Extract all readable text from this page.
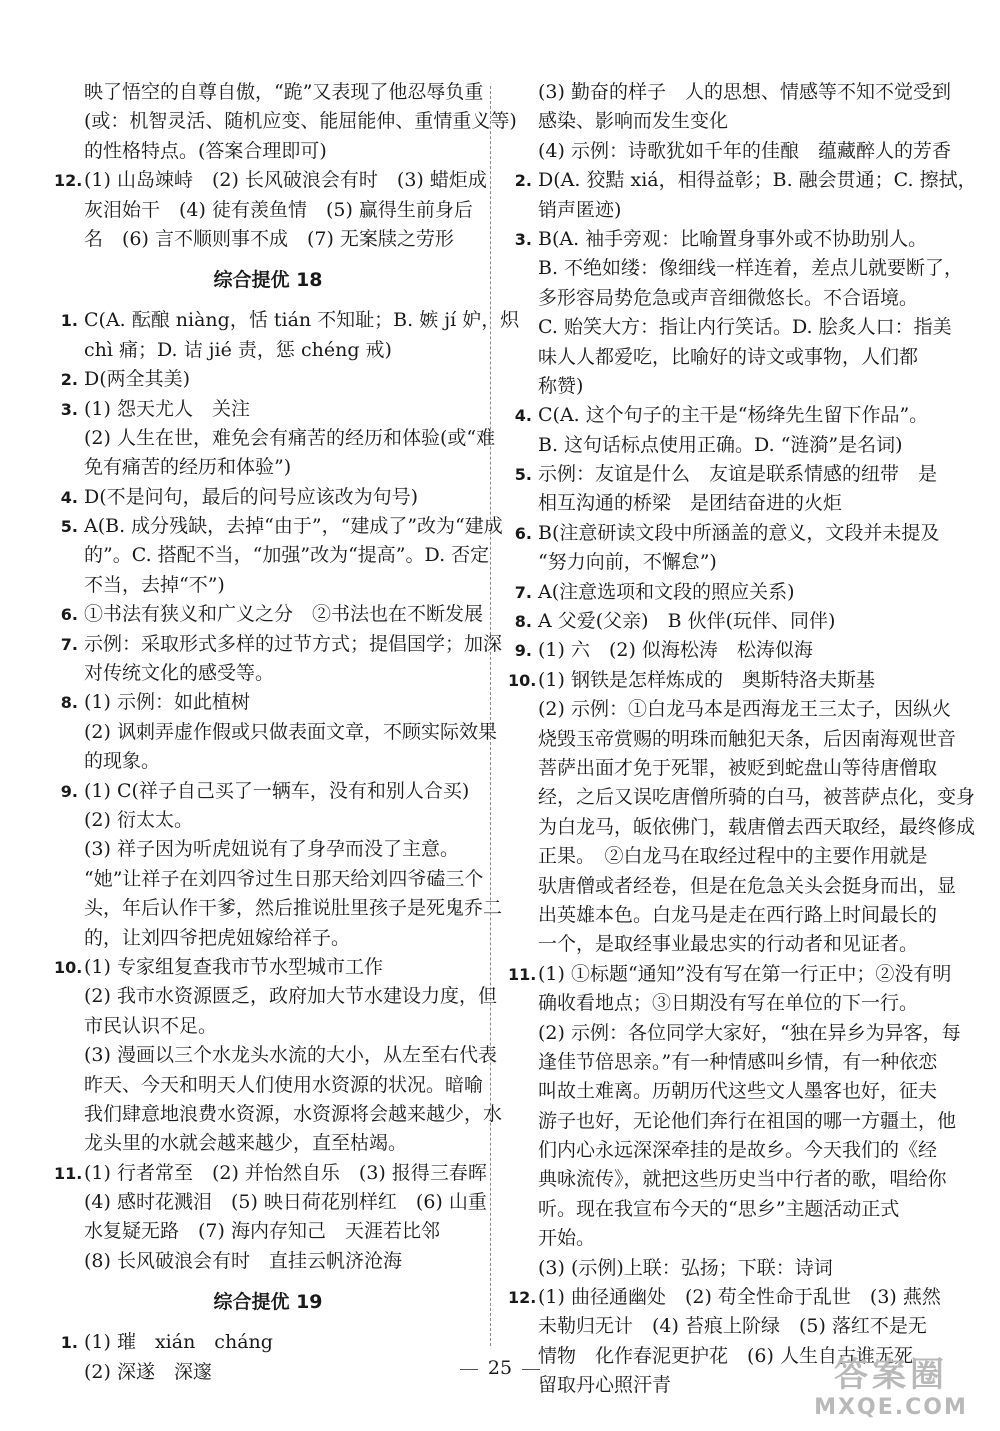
映了悟空的自尊自傲，“跪”又表现了他忍辱负重
(或：机智灵活、随机应变、能屈能伸、重情重义等)
的性格特点。(答案合理即可)
12. (1) 山岛竦峙　(2) 长风破浪会有时　(3) 蜡炬成
灰泪始干　(4) 徒有羡鱼情　(5) 赢得生前身后
名　(6) 言不顺则事不成　(7) 无案牍之劳形
综合提优 18
1. C(A. 酝酿 niàng，恬 tián 不知耻；B. 嫉 jí 妒，炽
chì 痛；D. 诘 jié 责，惩 chéng 戒)
2. D(两全其美)
3. (1) 怨天尤人　关注
(2) 人生在世，难免会有痛苦的经历和体验(或“难
免有痛苦的经历和体验”)
4. D(不是问句，最后的问号应该改为句号)
5. A(B. 成分残缺，去掉“由于”，“建成了”改为“建成
的”。C. 搭配不当，“加强”改为“提高”。D. 否定
不当，去掉“不”)
6. ①书法有狭义和广义之分　②书法也在不断发展
7. 示例：采取形式多样的过节方式；提倡国学；加深
对传统文化的感受等。
8. (1) 示例：如此植树
(2) 讽刺弄虚作假或只做表面文章，不顾实际效果
的现象。
9. (1) C(祥子自己买了一辆车，没有和别人合买)
(2) 衍太太。
(3) 祥子因为听虎妞说有了身孕而没了主意。
“她”让祥子在刘四爷过生日那天给刘四爷磕三个
头，年后认作干爹，然后推说肚里孩子是死鬼乔二
的，让刘四爷把虎妞嫁给祥子。
10. (1) 专家组复查我市节水型城市工作
(2) 我市水资源匮乏，政府加大节水建设力度，但
市民认识不足。
(3) 漫画以三个水龙头水流的大小，从左至右代表
昨天、今天和明天人们使用水资源的状况。暗喻
我们肆意地浪费水资源，水资源将会越来越少，水
龙头里的水就会越来越少，直至枯竭。
11. (1) 行者常至　(2) 并怡然自乐　(3) 报得三春晖
(4) 感时花溅泪　(5) 映日荷花别样红　(6) 山重
水复疑无路　(7) 海内存知己　天涯若比邻
(8) 长风破浪会有时　直挂云帆济沧海
综合提优 19
1. (1) 璀　xián　cháng
(2) 深遂　深邃
(3) 勤奋的样子　人的思想、情感等不知不觉受到
感染、影响而发生变化
(4) 示例：诗歌犹如千年的佳酿　蕴藏醉人的芳香
2. D(A. 狡黠 xiá，相得益彰；B. 融会贯通；C. 擦拭，
销声匿迹)
3. B(A. 袖手旁观：比喻置身事外或不协助别人。
B. 不绝如缕：像细线一样连着，差点儿就要断了，
多形容局势危急或声音细微悠长。不合语境。
C. 贻笑大方：指让内行笑话。D. 脍炙人口：指美
味人人都爱吃，比喻好的诗文或事物，人们都
称赞)
4. C(A. 这个句子的主干是“杨绛先生留下作品”。
B. 这句话标点使用正确。D. “涟漪”是名词)
5. 示例：友谊是什么　友谊是联系情感的纽带　是
相互沟通的桥梁　是团结奋进的火炬
6. B(注意研读文段中所涵盖的意义，文段并未提及
“努力向前，不懈怠”)
7. A(注意选项和文段的照应关系)
8. A 父爱(父亲)　B 伙伴(玩伴、同伴)
9. (1) 六　(2) 似海松涛　松涛似海
10. (1) 钢铁是怎样炼成的　奥斯特洛夫斯基
(2) 示例：①白龙马本是西海龙王三太子，因纵火
烧毁玉帝赏赐的明珠而触犯天条，后因南海观世音
菩萨出面才免于死罪，被贬到蛇盘山等待唐僧取
经，之后又误吃唐僧所骑的白马，被菩萨点化，变身
为白龙马，皈依佛门，载唐僧去西天取经，最终修成
正果。　②白龙马在取经过程中的主要作用就是
驮唐僧或者经卷，但是在危急关头会挺身而出，显
出英雄本色。白龙马是走在西行路上时间最长的
一个，是取经事业最忠实的行动者和见证者。
11. (1) ①标题“通知”没有写在第一行正中；②没有明
确收看地点；③日期没有写在单位的下一行。
(2) 示例：各位同学大家好，“独在异乡为异客，每
逢佳节倍思亲。”有一种情感叫乡情，有一种依恋
叫故土难离。历朝历代这些文人墨客也好，征夫
游子也好，无论他们奔行在祖国的哪一方疆土，他
们内心永远深深牵挂的是故乡。今天我们的《经
典咏流传》，就把这些历史当中行者的歌，唱给你
听。现在我宣布今天的“思乡”主题活动正式
开始。
(3) (示例)上联：弘扬；下联：诗词
12. (1) 曲径通幽处　(2) 苟全性命于乱世　(3) 燕然
未勒归无计　(4) 苔痕上阶绿　(5) 落红不是无
情物　化作春泥更护花　(6) 人生自古谁无死
留取丹心照汗青
25	答案圈
MXQE.COM
